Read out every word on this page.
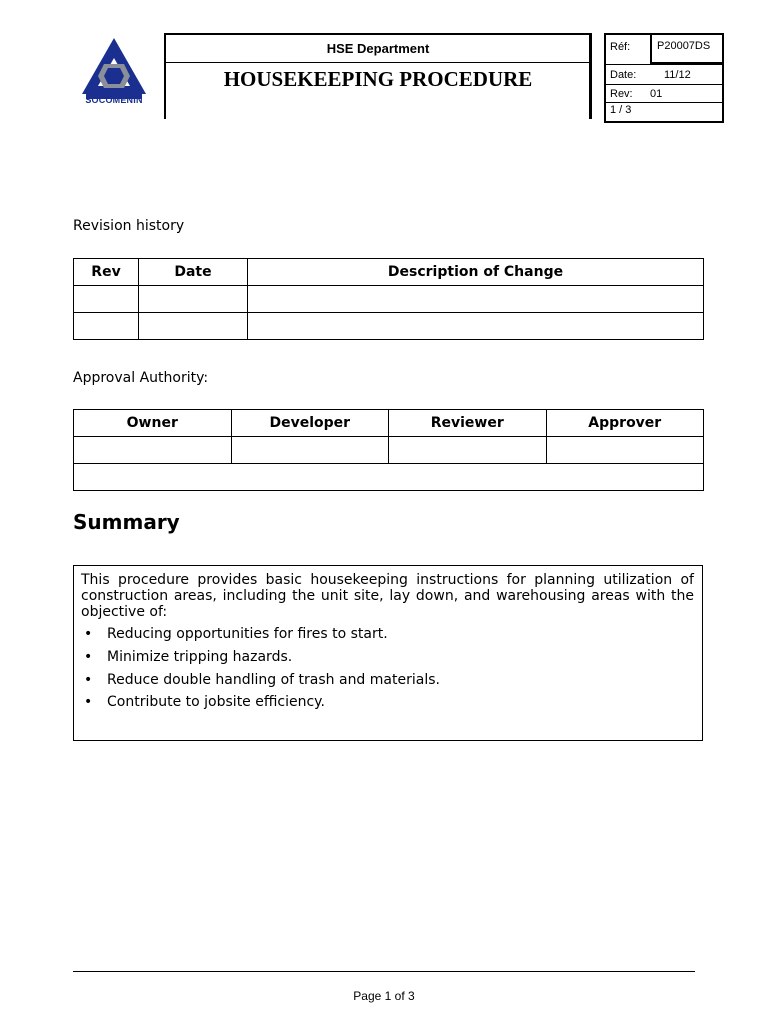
SOCOMENIN
HSE Department
HOUSEKEEPING PROCEDURE
Réf: P20007DS
Date:	11/12
Rev: 01
1 / 3
Revision history
Rev	Date	Description of Change

Approval Authority:
Owner	Developer	Reviewer	Approver

Summary

This procedure provides basic housekeeping instructions for planning utilization of construction areas, including the unit site, lay down, and warehousing areas with the objective of:

• Reducing opportunities for fires to start.
• Minimize tripping hazards.
• Reduce double handling of trash and materials.
• Contribute to jobsite efficiency.
Page 1 of 3
